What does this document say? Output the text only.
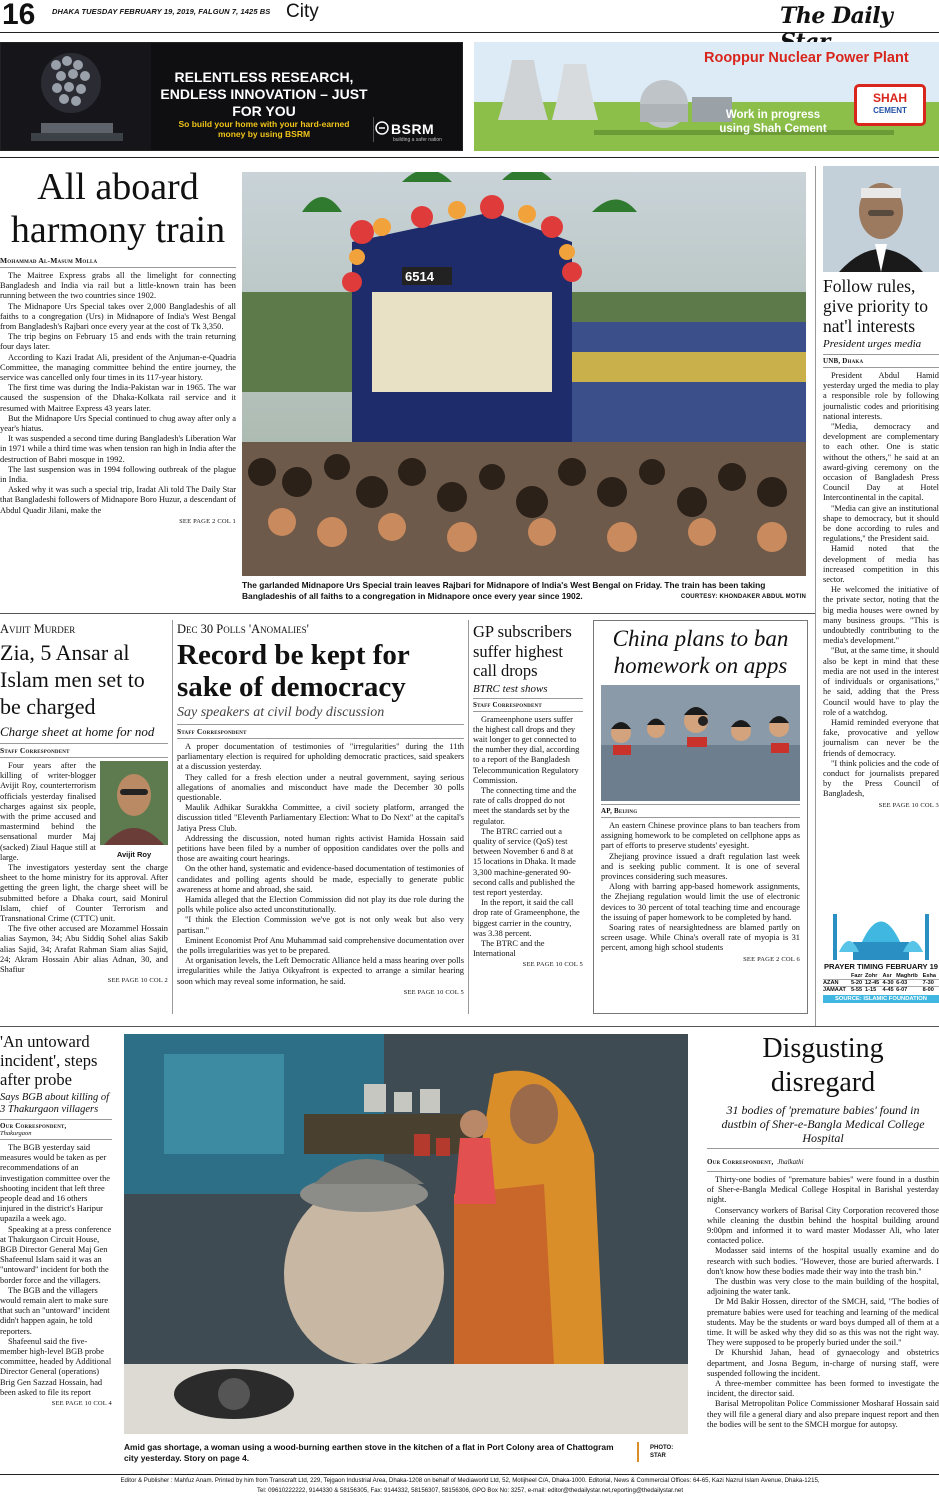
16 DHAKA TUESDAY FEBRUARY 19, 2019, FALGUN 7, 1425 BS City	The Daily
RELENTLESS RESEARCH, ENDLESS INNOVATION – JUST FOR YOU
So build your home with your hard-earned money by using BSRM	BSRM
building a safer nation
Rooppur Nuclear Power Plant
SHAH
CEMENT
Work in progress using Shah Cement
All aboard harmony train
Mohammad Al-Masum Molla

The Maitree Express grabs all the limelight for connecting Bangladesh and India via rail but a little-known train has been running between the two countries since 1902.

The Midnapore Urs Special takes over 2,000 Bangladeshis of all faiths to a congregation (Urs) in Midnapore of India's West Bengal from Bangladesh's Rajbari once every year at the cost of Tk 3,350.

The trip begins on February 15 and ends with the train returning four days later.

According to Kazi Iradat Ali, president of the Anjuman-e-Quadria Committee, the managing committee behind the entire journey, the service was cancelled only four times in its 117-year history.

The first time was during the India-Pakistan war in 1965. The war caused the suspension of the Dhaka-Kolkata rail service and it resumed with Maitree Express 43 years later.

But the Midnapore Urs Special continued to chug away after only a year's hiatus.

It was suspended a second time during Bangladesh's Liberation War in 1971 while a third time was when tension ran high in India after the destruction of Babri mosque in 1992.

The last suspension was in 1994 following outbreak of the plague in India.

Asked why it was such a special trip, Iradat Ali told The Daily Star that Bangladeshi followers of Midnapore Boro Huzur, a descendant of Abdul Quadir Jilani, make the

SEE PAGE 2 COL 1
6514
The garlanded Midnapore Urs Special train leaves Rajbari for Midnapore of India's West Bengal on Friday. The train has been taking Bangladeshis of all faiths to a congregation in Midnapore once every year since 1902.	COURTESY: KHONDAKER ABDUL MOTIN
Follow rules, give priority to nat'l interests
President urges media
UNB, Dhaka

President Abdul Hamid yesterday urged the media to play a responsible role by following journalistic codes and prioritising national interests.

"Media, democracy and development are complementary to each other. One is static without the others," he said at an award-giving ceremony on the occasion of Bangladesh Press Council Day at Hotel Intercontinental in the capital.

"Media can give an institutional shape to democracy, but it should be done according to rules and regulations," the President said.

Hamid noted that the development of media has increased competition in this sector.

He welcomed the initiative of the private sector, noting that the big media houses were owned by many business groups. "This is undoubtedly contributing to the media's development."

"But, at the same time, it should also be kept in mind that these media are not used in the interest of individuals or organisations," he said, adding that the Press Council would have to play the role of a watchdog.

Hamid reminded everyone that fake, provocative and yellow journalism can never be the friends of democracy.

"I think policies and the code of conduct for journalists prepared by the Press Council of Bangladesh,

SEE PAGE 10 COL 3
PRAYER TIMING FEBRUARY 19
	Fazr	Zohr	Asr	Maghrib	Esha
AZAN	5-20	12-45	4-30	6-03	7-30
JAMAAT	5-55	1-15	4-45	6-07	8-00
SOURCE: ISLAMIC FOUNDATION
Avijit Murder
Zia, 5 Ansar al Islam men set to be charged
Charge sheet at home for nod
Staff Correspondent
Avijit Roy

Four years after the killing of writer-blogger Avijit Roy, counterterrorism officials yesterday finalised charges against six people, with the prime accused and mastermind behind the sensational murder Maj (sacked) Ziaul Haque still at large.

The investigators yesterday sent the charge sheet to the home ministry for its approval. After getting the green light, the charge sheet will be submitted before a Dhaka court, said Monirul Islam, chief of Counter Terrorism and Transnational Crime (CTTC) unit.

The five other accused are Mozammel Hossain alias Saymon, 34; Abu Siddiq Sohel alias Sakib alias Sajid, 34; Arafat Rahman Siam alias Sajid, 24; Akram Hossain Abir alias Adnan, 30, and Shafiur

SEE PAGE 10 COL 2
Dec 30 Polls 'Anomalies'
Record be kept for sake of democracy
Say speakers at civil body discussion
Staff Correspondent

A proper documentation of testimonies of "irregularities" during the 11th parliamentary election is required for upholding democratic practices, said speakers at a discussion yesterday.

They called for a fresh election under a neutral government, saying serious allegations of anomalies and misconduct have made the December 30 polls questionable.

Maulik Adhikar Surakkha Committee, a civil society platform, arranged the discussion titled "Eleventh Parliamentary Election: What to Do Next" at the capital's Jatiya Press Club.

Addressing the discussion, noted human rights activist Hamida Hossain said petitions have been filed by a number of opposition candidates over the polls and those are awaiting court hearings.

On the other hand, systematic and evidence-based documentation of testimonies of candidates and polling agents should be made, especially to generate public awareness at home and abroad, she said.

Hamida alleged that the Election Commission did not play its due role during the polls while police also acted unconstitutionally.

"I think the Election Commission we've got is not only weak but also very partisan."

Eminent Economist Prof Anu Muhammad said comprehensive documentation over the polls irregularities was yet to be prepared.

At organisation levels, the Left Democratic Alliance held a mass hearing over polls irregularities while the Jatiya Oikyafront is expected to arrange a similar hearing soon which may reveal some information, he said.

SEE PAGE 10 COL 5
GP subscribers suffer highest call drops
BTRC test shows
Staff Correspondent

Grameenphone users suffer the highest call drops and they wait longer to get connected to the number they dial, according to a report of the Bangladesh Telecommunication Regulatory Commission.

The connecting time and the rate of calls dropped do not meet the standards set by the regulator.

The BTRC carried out a quality of service (QoS) test between November 6 and 8 at 15 locations in Dhaka. It made 3,300 machine-generated 90-second calls and published the test report yesterday.

In the report, it said the call drop rate of Grameenphone, the biggest carrier in the country, was 3.38 percent.

The BTRC and the International

SEE PAGE 10 COL 5
China plans to ban homework on apps
AP, Beijing

An eastern Chinese province plans to ban teachers from assigning homework to be completed on cellphone apps as part of efforts to preserve students' eyesight.

Zhejiang province issued a draft regulation last week and is seeking public comment. It is one of several provinces considering such measures.

Along with barring app-based homework assignments, the Zhejiang regulation would limit the use of electronic devices to 30 percent of total teaching time and encourage the issuing of paper homework to be completed by hand.

Soaring rates of nearsightedness are blamed partly on screen usage. While China's overall rate of myopia is 31 percent, among high school students

SEE PAGE 2 COL 6
'An untoward incident', steps after probe
Says BGB about killing of 3 Thakurgaon villagers
Our Correspondent,
Thakurgaon

The BGB yesterday said measures would be taken as per recommendations of an investigation committee over the shooting incident that left three people dead and 16 others injured in the district's Haripur upazila a week ago.

Speaking at a press conference at Thakurgaon Circuit House, BGB Director General Maj Gen Shafeenul Islam said it was an "untoward" incident for both the border force and the villagers.

The BGB and the villagers would remain alert to make sure that such an "untoward" incident didn't happen again, he told reporters.

Shafeenul said the five-member high-level BGB probe committee, headed by Additional Director General (operations) Brig Gen Sazzad Hossain, had been asked to file its report

SEE PAGE 10 COL 4
Amid gas shortage, a woman using a wood-burning earthen stove in the kitchen of a flat in Port Colony area of Chattogram city yesterday. Story on page 4.
PHOTO:
STAR
Disgusting disregard
31 bodies of 'premature babies' found in dustbin of Sher-e-Bangla Medical College Hospital
Our Correspondent, Jhalkathi

Thirty-one bodies of "premature babies" were found in a dustbin of Sher-e-Bangla Medical College Hospital in Barishal yesterday night.

Conservancy workers of Barisal City Corporation recovered those while cleaning the dustbin behind the hospital building around 9:00pm and informed it to ward master Modasser Ali, who later contacted police.

Modasser said interns of the hospital usually examine and do research with such bodies. "However, those are buried afterwards. I don't know how these bodies made their way into the trash bin."

The dustbin was very close to the main building of the hospital, adjoining the water tank.

Dr Md Bakir Hossen, director of the SMCH, said, "The bodies of premature babies were used for teaching and learning of the medical students. May be the students or ward boys dumped all of them at a time. It will be asked why they did so as this was not the right way. They were supposed to be properly buried under the soil."

Dr Khurshid Jahan, head of gynaecology and obstetrics department, and Josna Begum, in-charge of nursing staff, were suspended following the incident.

A three-member committee has been formed to investigate the incident, the director said.

Barisal Metropolitan Police Commissioner Mosharaf Hossain said they will file a general diary and also prepare inquest report and then the bodies will be sent to the SMCH morgue for autopsy.

Editor & Publisher : Mahfuz Anam. Printed by him from Transcraft Ltd, 229, Tejgaon Industrial Area, Dhaka-1208 on behalf of Mediaworld Ltd, 52, Motijheel C/A, Dhaka-1000. Editorial, News & Commercial Offices: 64-65, Kazi Nazrul Islam Avenue, Dhaka-1215,
Tel: 09610222222, 9144330 & 58156305, Fax: 9144332, 58156307, 58156306, GPO Box No: 3257, e-mail: editor@thedailystar.net,reporting@thedailystar.net
